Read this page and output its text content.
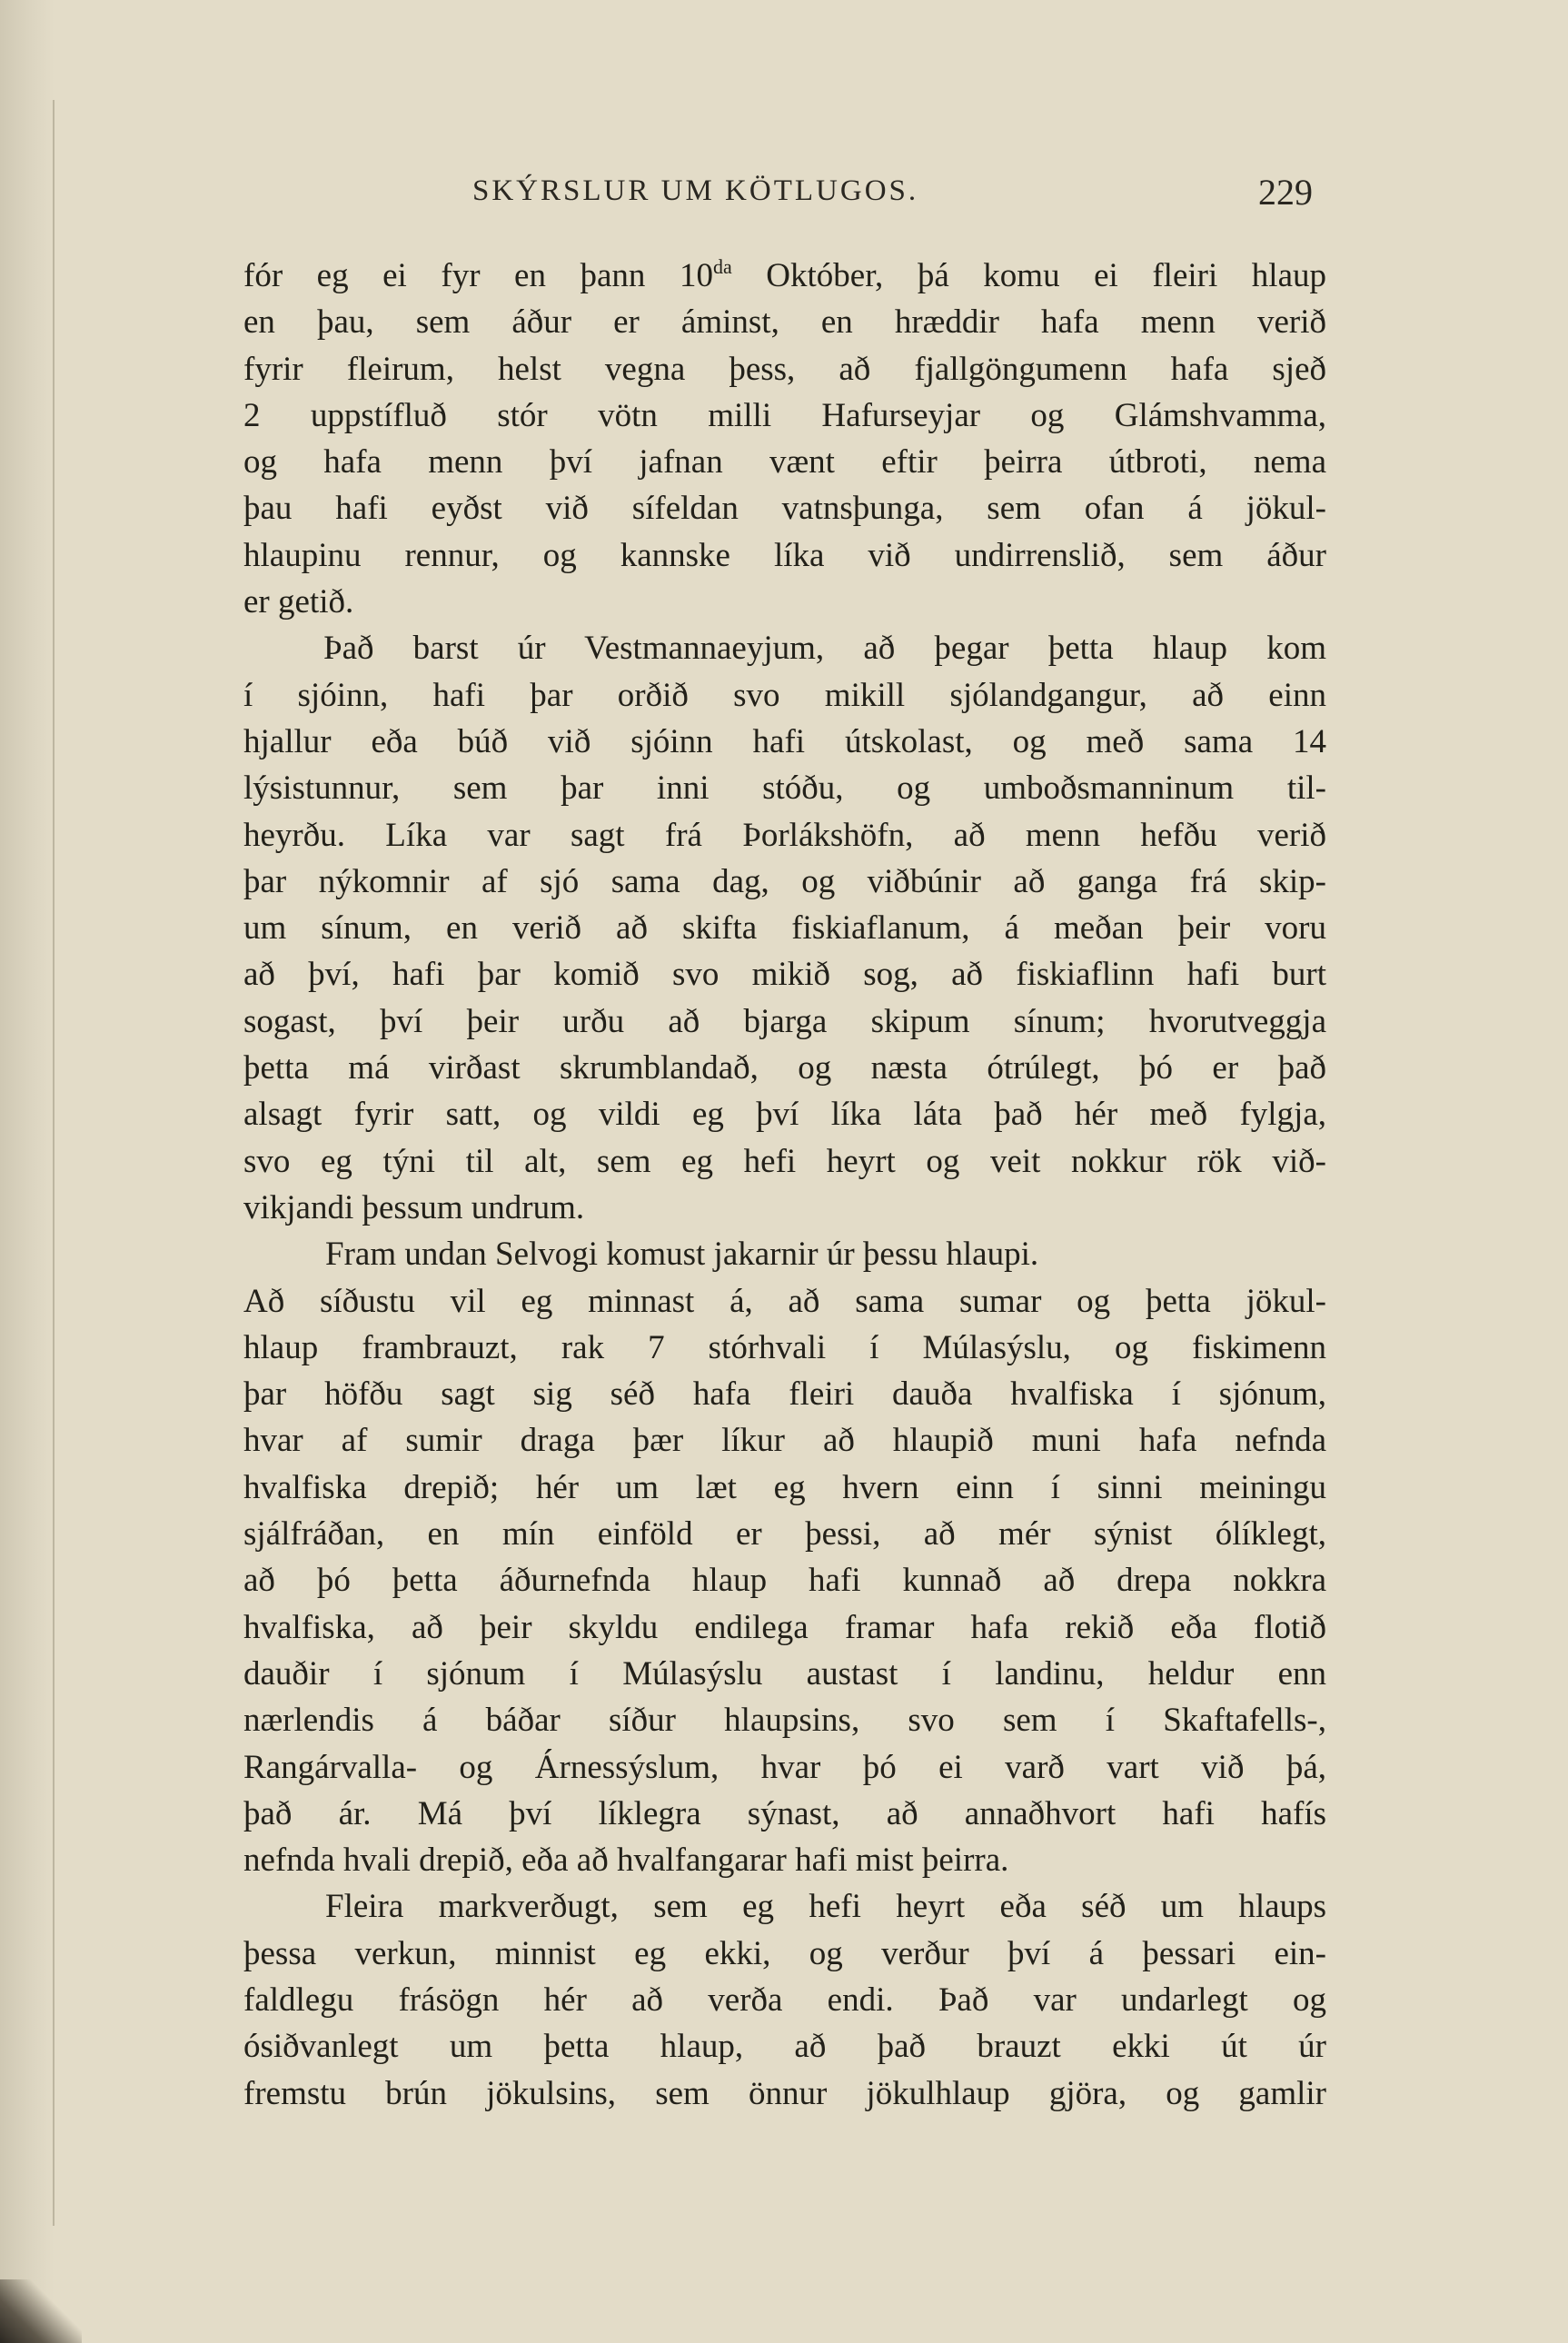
SKÝRSLUR UM KÖTLUGOS.	229
fór eg ei fyr en þann $10^{da}$ Október, þá komu ei fleiri hlaup
en þau, sem áður er áminst, en hræddir hafa menn verið
fyrir fleirum, helst vegna þess, að fjallgöngumenn hafa sjeð
2 uppstífluð stór vötn milli Hafurseyjar og Glámshvamma,
og hafa menn því jafnan vænt eftir þeirra útbroti, nema
þau hafi eyðst við sífeldan vatnsþunga, sem ofan á jökul-
hlaupinu rennur, og kannske líka við undirrenslið, sem áður
er getið.
Það barst úr Vestmannaeyjum, að þegar þetta hlaup kom
í sjóinn, hafi þar orðið svo mikill sjólandgangur, að einn
hjallur eða búð við sjóinn hafi útskolast, og með sama 14
lýsistunnur, sem þar inni stóðu, og umboðsmanninum til-
heyrðu. Líka var sagt frá Þorlákshöfn, að menn hefðu verið
þar nýkomnir af sjó sama dag, og viðbúnir að ganga frá skip-
um sínum, en verið að skifta fiskiaflanum, á meðan þeir voru
að því, hafi þar komið svo mikið sog, að fiskiaflinn hafi burt
sogast, því þeir urðu að bjarga skipum sínum; hvorutveggja
þetta má virðast skrumblandað, og næsta ótrúlegt, þó er það
alsagt fyrir satt, og vildi eg því líka láta það hér með fylgja,
svo eg týni til alt, sem eg hefi heyrt og veit nokkur rök við-
vikjandi þessum undrum.
Fram undan Selvogi komust jakarnir úr þessu hlaupi.
Að síðustu vil eg minnast á, að sama sumar og þetta jökul-
hlaup frambrauzt, rak 7 stórhvali í Múlasýslu, og fiskimenn
þar höfðu sagt sig séð hafa fleiri dauða hvalfiska í sjónum,
hvar af sumir draga þær líkur að hlaupið muni hafa nefnda
hvalfiska drepið; hér um læt eg hvern einn í sinni meiningu
sjálfráðan, en mín einföld er þessi, að mér sýnist ólíklegt,
að þó þetta áðurnefnda hlaup hafi kunnað að drepa nokkra
hvalfiska, að þeir skyldu endilega framar hafa rekið eða flotið
dauðir í sjónum í Múlasýslu austast í landinu, heldur enn
nærlendis á báðar síður hlaupsins, svo sem í Skaftafells-,
Rangárvalla- og Árnessýslum, hvar þó ei varð vart við þá,
það ár. Má því líklegra sýnast, að annaðhvort hafi hafís
nefnda hvali drepið, eða að hvalfangarar hafi mist þeirra.
Fleira markverðugt, sem eg hefi heyrt eða séð um hlaups
þessa verkun, minnist eg ekki, og verður því á þessari ein-
faldlegu frásögn hér að verða endi. Það var undarlegt og
ósiðvanlegt um þetta hlaup, að það brauzt ekki út úr
fremstu brún jökulsins, sem önnur jökulhlaup gjöra, og gamlir
